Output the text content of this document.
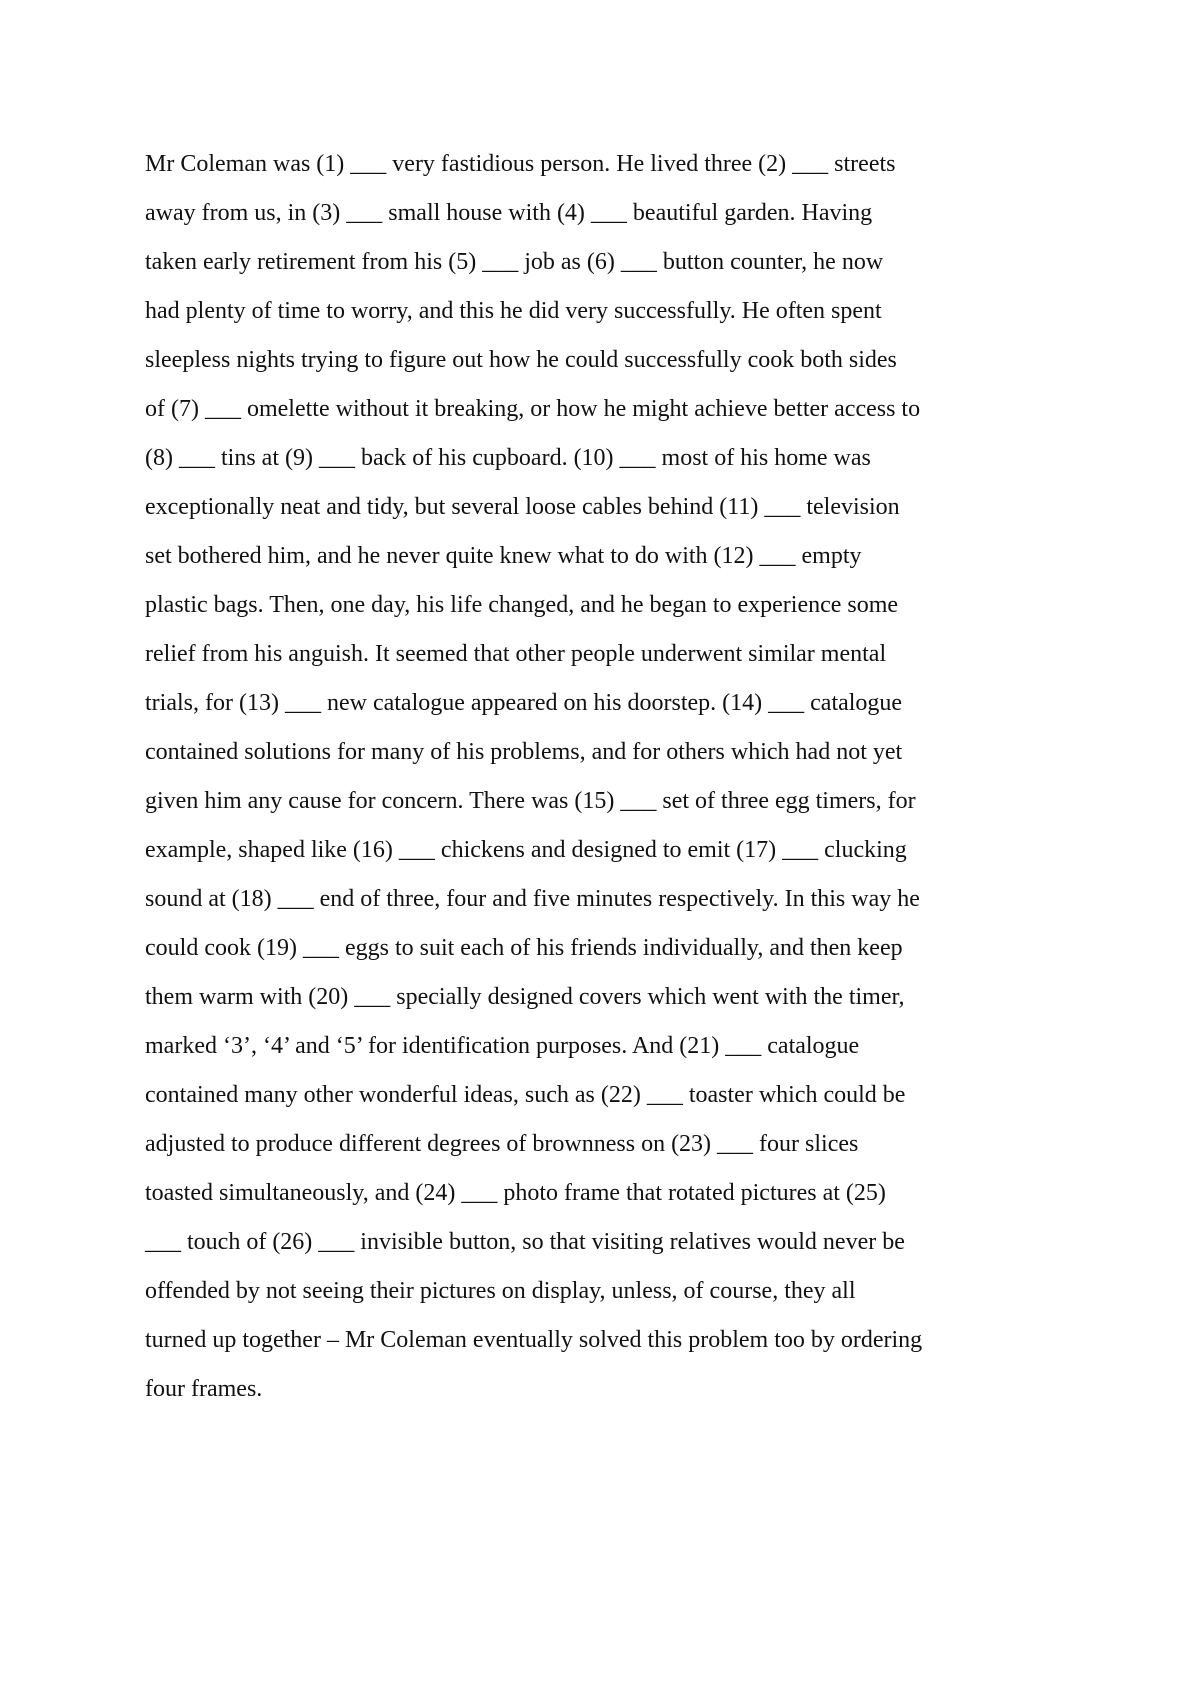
Mr Coleman was (1) ___ very fastidious person. He lived three (2) ___ streets
away from us, in (3) ___ small house with (4) ___ beautiful garden. Having
taken early retirement from his (5) ___ job as (6) ___ button counter, he now
had plenty of time to worry, and this he did very successfully. He often spent
sleepless nights trying to figure out how he could successfully cook both sides
of (7) ___ omelette without it breaking, or how he might achieve better access to
(8) ___ tins at (9) ___ back of his cupboard. (10) ___ most of his home was
exceptionally neat and tidy, but several loose cables behind (11) ___ television
set bothered him, and he never quite knew what to do with (12) ___ empty
plastic bags. Then, one day, his life changed, and he began to experience some
relief from his anguish. It seemed that other people underwent similar mental
trials, for (13) ___ new catalogue appeared on his doorstep. (14) ___ catalogue
contained solutions for many of his problems, and for others which had not yet
given him any cause for concern. There was (15) ___ set of three egg timers, for
example, shaped like (16) ___ chickens and designed to emit (17) ___ clucking
sound at (18) ___ end of three, four and five minutes respectively. In this way he
could cook (19) ___ eggs to suit each of his friends individually, and then keep
them warm with (20) ___ specially designed covers which went with the timer,
marked ‘3’, ‘4’ and ‘5’ for identification purposes. And (21) ___ catalogue
contained many other wonderful ideas, such as (22) ___ toaster which could be
adjusted to produce different degrees of brownness on (23) ___ four slices
toasted simultaneously, and (24) ___ photo frame that rotated pictures at (25)
___ touch of (26) ___ invisible button, so that visiting relatives would never be
offended by not seeing their pictures on display, unless, of course, they all
turned up together – Mr Coleman eventually solved this problem too by ordering
four frames.
